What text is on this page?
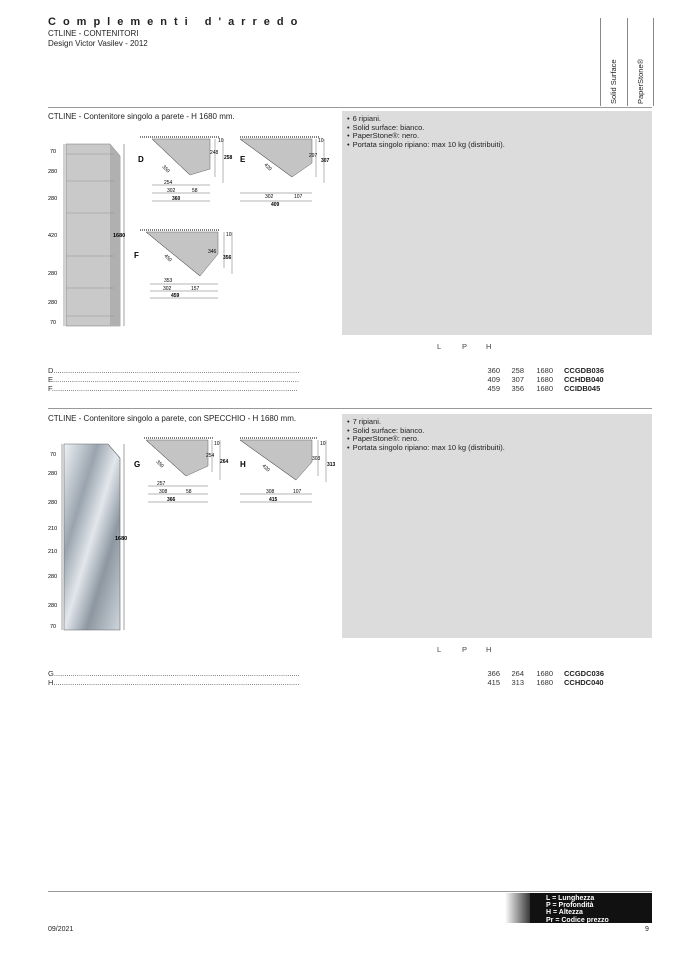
Complementi d'arredo
CTLINE - CONTENITORI
Design Victor Vasilev - 2012
Solid Surface PaperStone®
CTLINE - Contenitore singolo a parete - H 1680 mm.	• 6 ripiani.
• Solid surface: bianco.
• PaperStone®: nero.
• Portata singolo ripiano: max 10 kg (distribuiti).
70
280
280
420
280
280
70
1680
D
350
10
248
258
254
302	58
360
E
420
10
297
307
302	107
409
F	450
10
346
356
353
302	157
459
L	P	H
D......................................................................................................................	360	258	1680 CCGDB036
E......................................................................................................................	409	307	1680 CCHDB040
F......................................................................................................................	459	356	1680 CCIDB045
CTLINE - Contenitore singolo a parete, con SPECCHIO - H 1680 mm.	• 7 ripiani.
• Solid surface: bianco.
• PaperStone®: nero.
• Portata singolo ripiano: max 10 kg (distribuiti).
70
280
280
210
210
280
280
70
1680
G	350
10
254
264
257
308	58
366
H	420
10
303
313
308	107
415
L	P	H
G......................................................................................................................	366	264	1680 CCGDC036
H......................................................................................................................	415	313	1680 CCHDC040
L = Lunghezza
P = Profondità
H = Altezza
Pr = Codice prezzo
09/2021	9
